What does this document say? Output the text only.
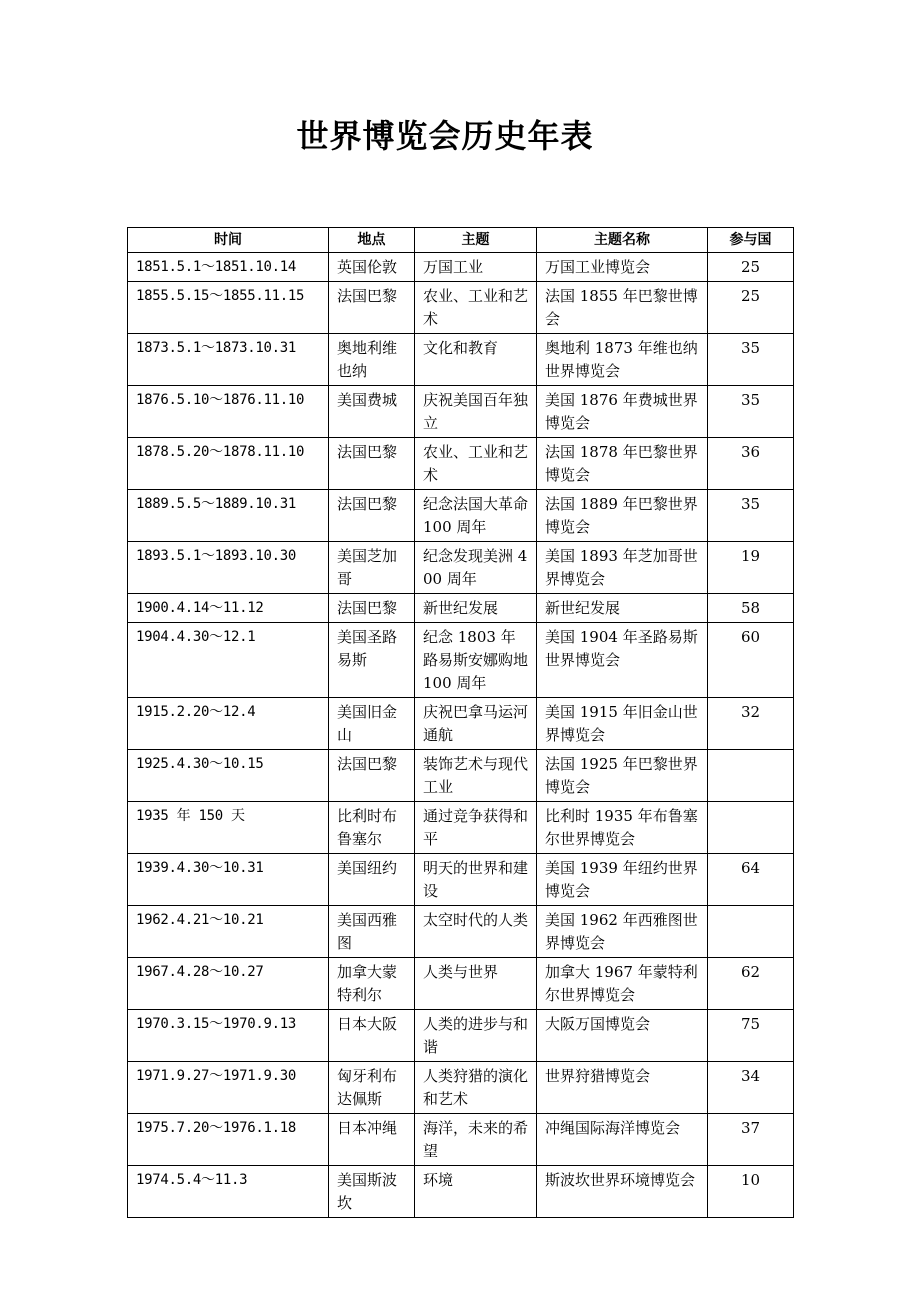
世界博览会历史年表
时间	地点	主题	主题名称	参与国
1851.5.1～1851.10.14	英国伦敦	万国工业	万国工业博览会	25
1855.5.15～1855.11.15	法国巴黎	农业、工业和艺术	法国 1855 年巴黎世博会	25
1873.5.1～1873.10.31	奥地利维也纳	文化和教育	奥地利 1873 年维也纳世界博览会	35
1876.5.10～1876.11.10	美国费城	庆祝美国百年独立	美国 1876 年费城世界博览会	35
1878.5.20～1878.11.10	法国巴黎	农业、工业和艺术	法国 1878 年巴黎世界博览会	36
1889.5.5～1889.10.31	法国巴黎	纪念法国大革命 100 周年	法国 1889 年巴黎世界博览会	35
1893.5.1～1893.10.30	美国芝加哥	纪念发现美洲 400 周年	美国 1893 年芝加哥世界博览会	19
1900.4.14～11.12	法国巴黎	新世纪发展	新世纪发展	58
1904.4.30～12.1	美国圣路易斯	纪念 1803 年路易斯安娜购地 100 周年	美国 1904 年圣路易斯世界博览会	60
1915.2.20～12.4	美国旧金山	庆祝巴拿马运河通航	美国 1915 年旧金山世界博览会	32
1925.4.30～10.15	法国巴黎	装饰艺术与现代工业	法国 1925 年巴黎世界博览会	
1935 年 150 天	比利时布鲁塞尔	通过竞争获得和平	比利时 1935 年布鲁塞尔世界博览会	
1939.4.30～10.31	美国纽约	明天的世界和建设	美国 1939 年纽约世界博览会	64
1962.4.21～10.21	美国西雅图	太空时代的人类	美国 1962 年西雅图世界博览会	
1967.4.28～10.27	加拿大蒙特利尔	人类与世界	加拿大 1967 年蒙特利尔世界博览会	62
1970.3.15～1970.9.13	日本大阪	人类的进步与和谐	大阪万国博览会	75
1971.9.27～1971.9.30	匈牙利布达佩斯	人类狩猎的演化和艺术	世界狩猎博览会	34
1975.7.20～1976.1.18	日本冲绳	海洋，未来的希望	冲绳国际海洋博览会	37
1974.5.4～11.3	美国斯波坎	环境	斯波坎世界环境博览会	10
